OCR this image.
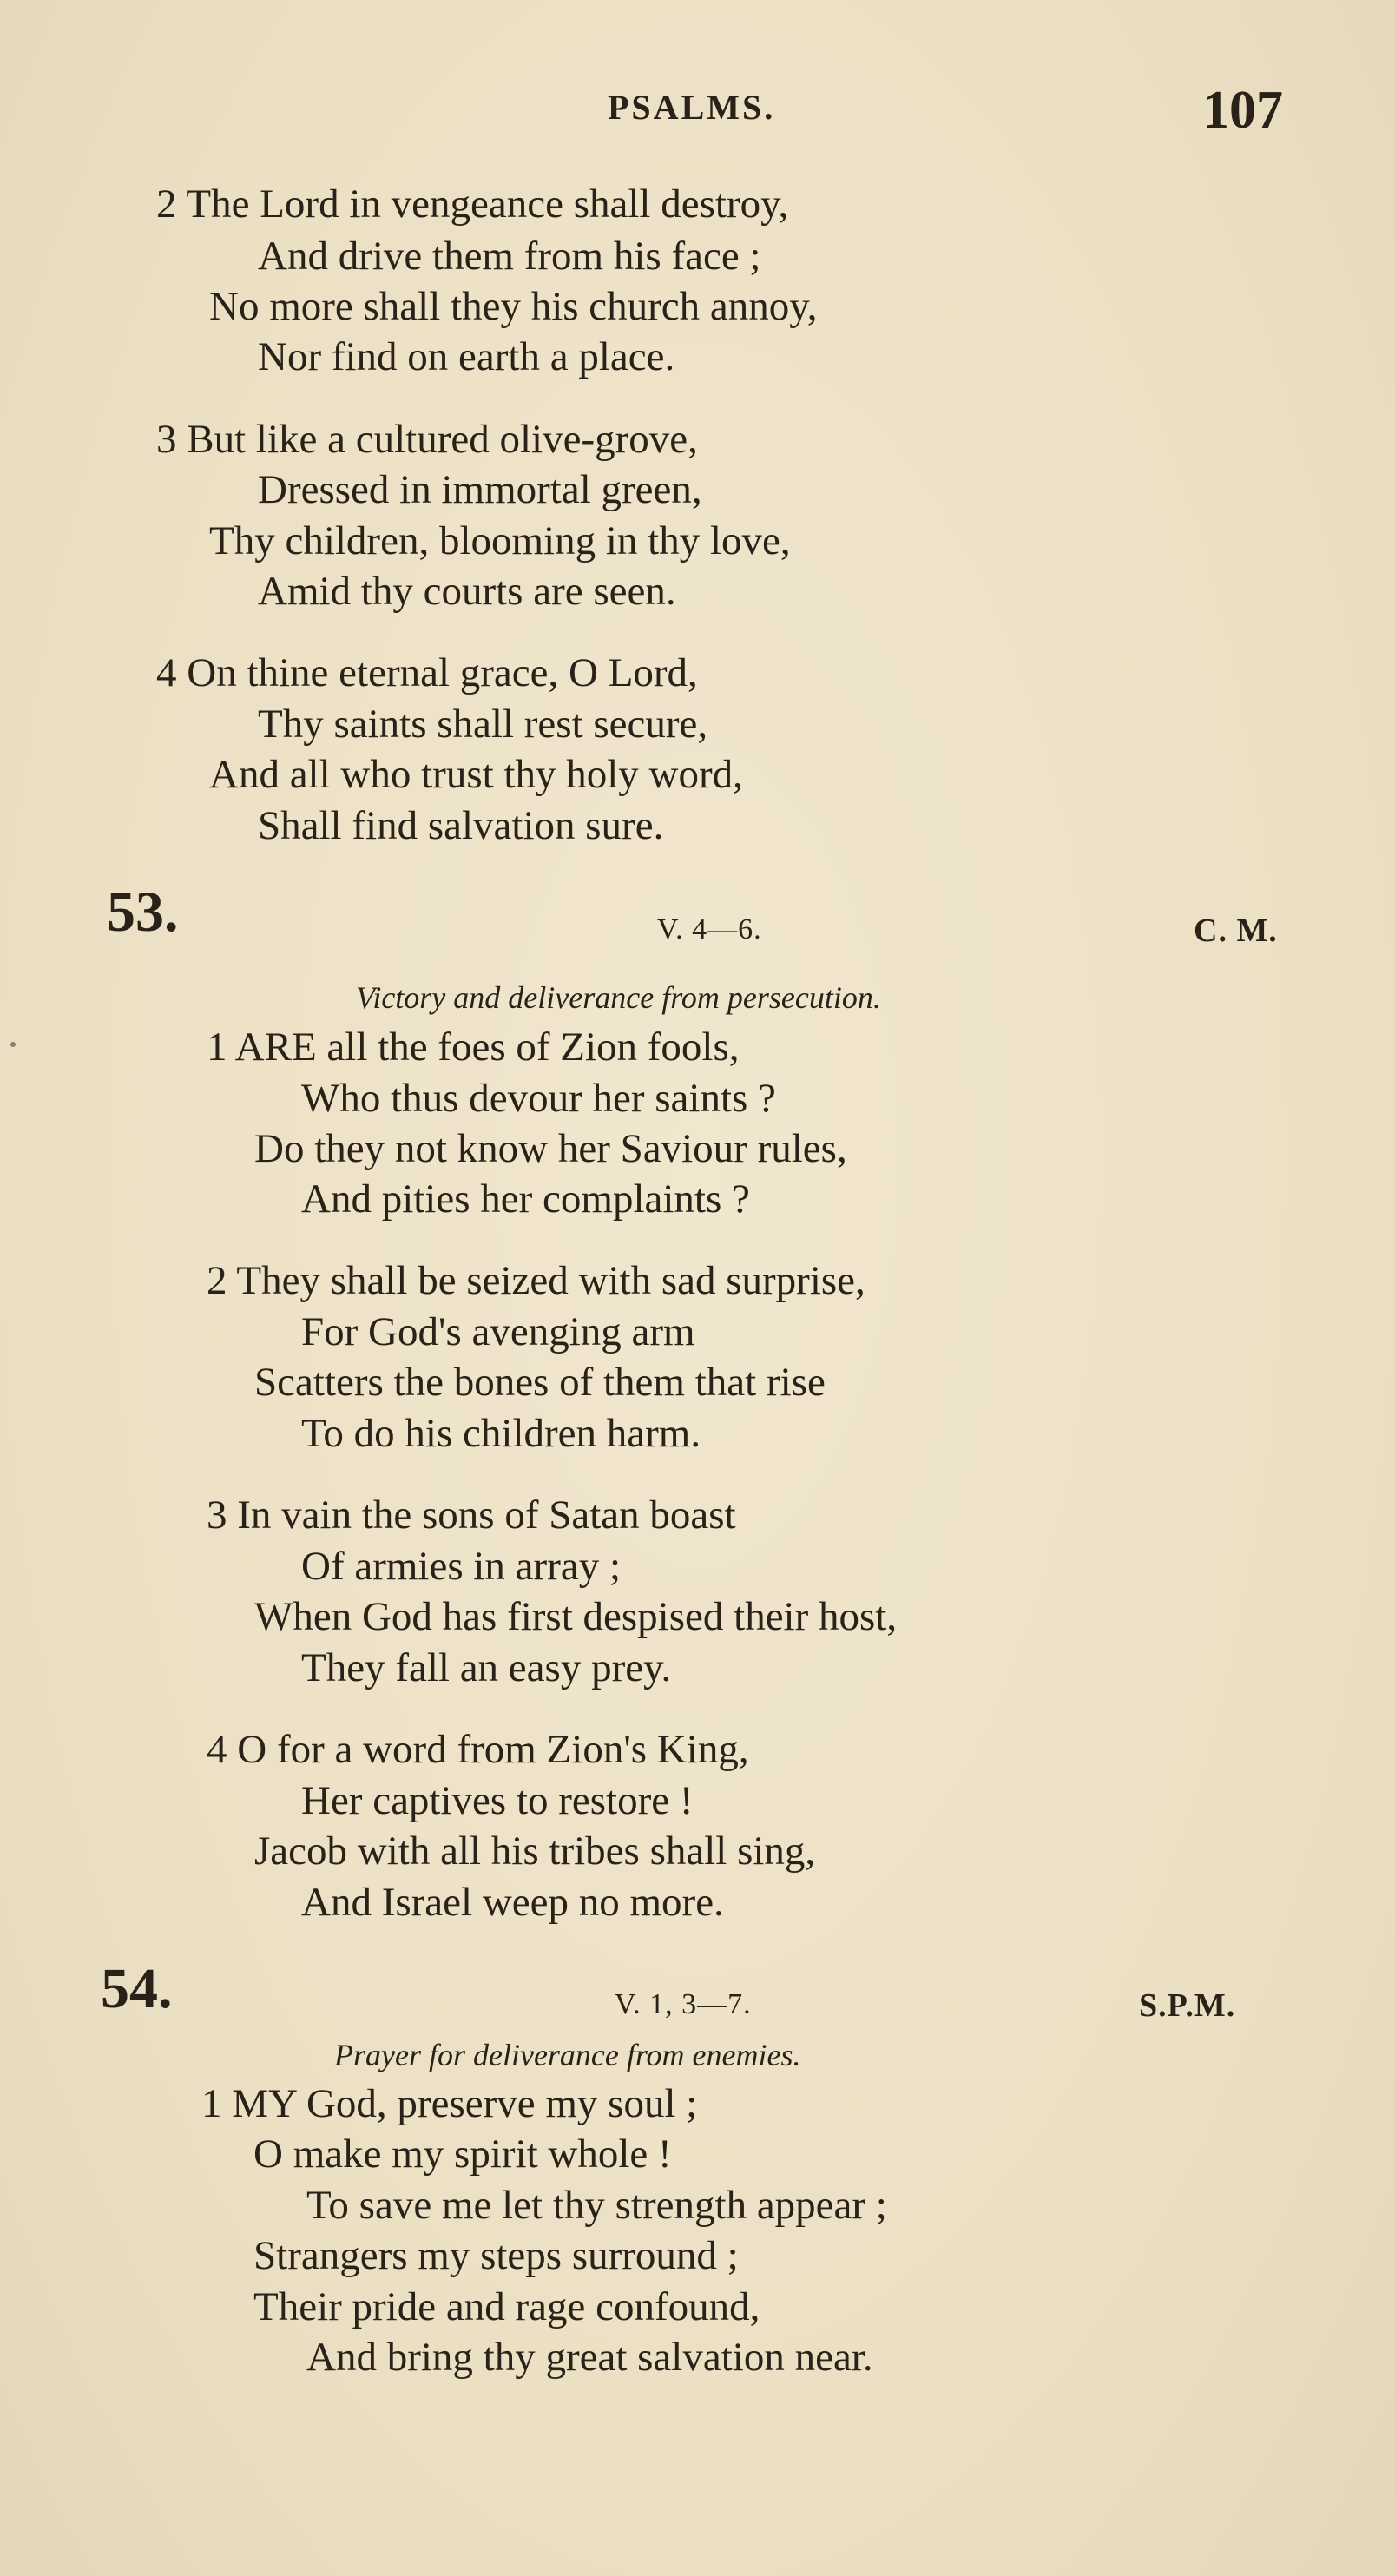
PSALMS.	107
2 The Lord in vengeance shall destroy,
And drive them from his face ;
No more shall they his church annoy,
Nor find on earth a place.
3 But like a cultured olive-grove,
Dressed in immortal green,
Thy children, blooming in thy love,
Amid thy courts are seen.
4 On thine eternal grace, O Lord,
Thy saints shall rest secure,
And all who trust thy holy word,
Shall find salvation sure.
53.	V. 4—6.	C. M.
Victory and deliverance from persecution.
1 ARE all the foes of Zion fools,
Who thus devour her saints ?
Do they not know her Saviour rules,
And pities her complaints ?
2 They shall be seized with sad surprise,
For God's avenging arm
Scatters the bones of them that rise
To do his children harm.
3 In vain the sons of Satan boast
Of armies in array ;
When God has first despised their host,
They fall an easy prey.
4 O for a word from Zion's King,
Her captives to restore !
Jacob with all his tribes shall sing,
And Israel weep no more.
54.	V. 1, 3—7.	S.P.M.
Prayer for deliverance from enemies.
1 MY God, preserve my soul ;
O make my spirit whole !
To save me let thy strength appear ;
Strangers my steps surround ;
Their pride and rage confound,
And bring thy great salvation near.
